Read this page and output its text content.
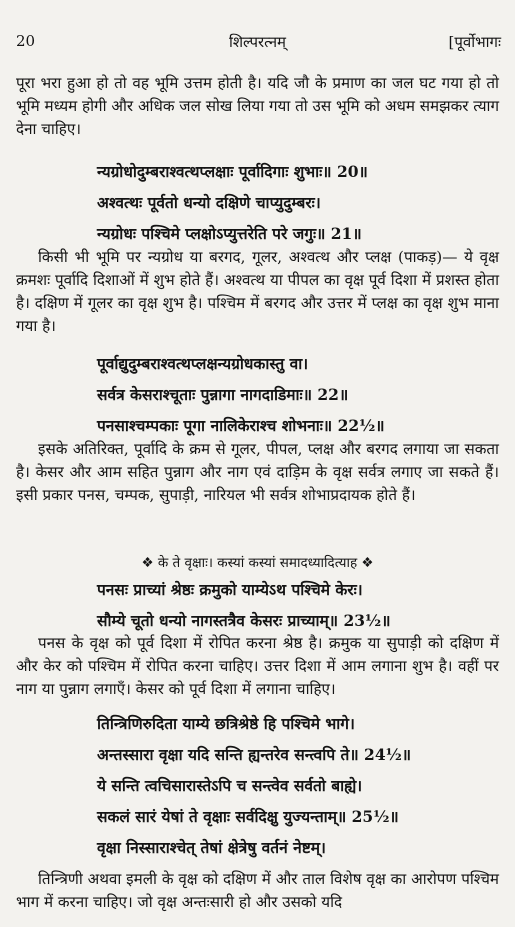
20	शिल्परत्नम्	[पूर्वोभागः

पूरा भरा हुआ हो तो वह भूमि उत्तम होती है। यदि जौ के प्रमाण का जल घट गया हो तो भूमि मध्यम होगी और अधिक जल सोख लिया गया तो उस भूमि को अधम समझकर त्याग देना चाहिए।

न्यग्रोधोदुम्बराश्वत्थप्लक्षाः पूर्वादिगाः शुभाः॥ 20॥
अश्वत्थः पूर्वतो धन्यो दक्षिणे चाप्युदुम्बरः।
न्यग्रोधः पश्चिमे प्लक्षोऽप्युत्तरेति परे जगुः॥ 21॥

किसी भी भूमि पर न्यग्रोध या बरगद, गूलर, अश्वत्थ और प्लक्ष (पाकड़)— ये वृक्ष क्रमशः पूर्वादि दिशाओं में शुभ होते हैं। अश्वत्थ या पीपल का वृक्ष पूर्व दिशा में प्रशस्त होता है। दक्षिण में गूलर का वृक्ष शुभ है। पश्चिम में बरगद और उत्तर में प्लक्ष का वृक्ष शुभ माना गया है।

पूर्वाद्युदुम्बराश्वत्थप्लक्षन्यग्रोधकास्तु वा।
सर्वत्र केसराश्चूताः पुन्नागा नागदाडिमाः॥ 22॥
पनसाश्चम्पकाः पूगा नालिकेराश्च शोभनाः॥ 22½॥

इसके अतिरिक्त, पूर्वादि के क्रम से गूलर, पीपल, प्लक्ष और बरगद लगाया जा सकता है। केसर और आम सहित पुन्नाग और नाग एवं दाड़िम के वृक्ष सर्वत्र लगाए जा सकते हैं। इसी प्रकार पनस, चम्पक, सुपाड़ी, नारियल भी सर्वत्र शोभाप्रदायक होते हैं।

❖ के ते वृक्षाः। कस्यां कस्यां समादध्यादित्याह ❖
पनसः प्राच्यां श्रेष्ठः क्रमुको याम्येऽथ पश्चिमे केरः।
सौम्ये चूतो धन्यो नागस्तत्रैव केसरः प्राच्याम्॥ 23½॥

पनस के वृक्ष को पूर्व दिशा में रोपित करना श्रेष्ठ है। क्रमुक या सुपाड़ी को दक्षिण में और केर को पश्चिम में रोपित करना चाहिए। उत्तर दिशा में आम लगाना शुभ है। वहीं पर नाग या पुन्नाग लगाएँ। केसर को पूर्व दिशा में लगाना चाहिए।

तिन्त्रिणिरुदिता याम्ये छत्रिश्रेष्ठे हि पश्चिमे भागे।
अन्तस्सारा वृक्षा यदि सन्ति ह्यन्तरेव सन्त्वपि ते॥ 24½॥
ये सन्ति त्वचिसारास्तेऽपि च सन्त्वेव सर्वतो बाह्ये।
सकलं सारं येषां ते वृक्षाः सर्वदिक्षु युज्यन्ताम्॥ 25½॥
वृक्षा निस्साराश्चेत् तेषां क्षेत्रेषु वर्तनं नेष्टम्।

तिन्त्रिणी अथवा इमली के वृक्ष को दक्षिण में और ताल विशेष वृक्ष का आरोपण पश्चिम भाग में करना चाहिए। जो वृक्ष अन्तःसारी हो और उसको यदि
